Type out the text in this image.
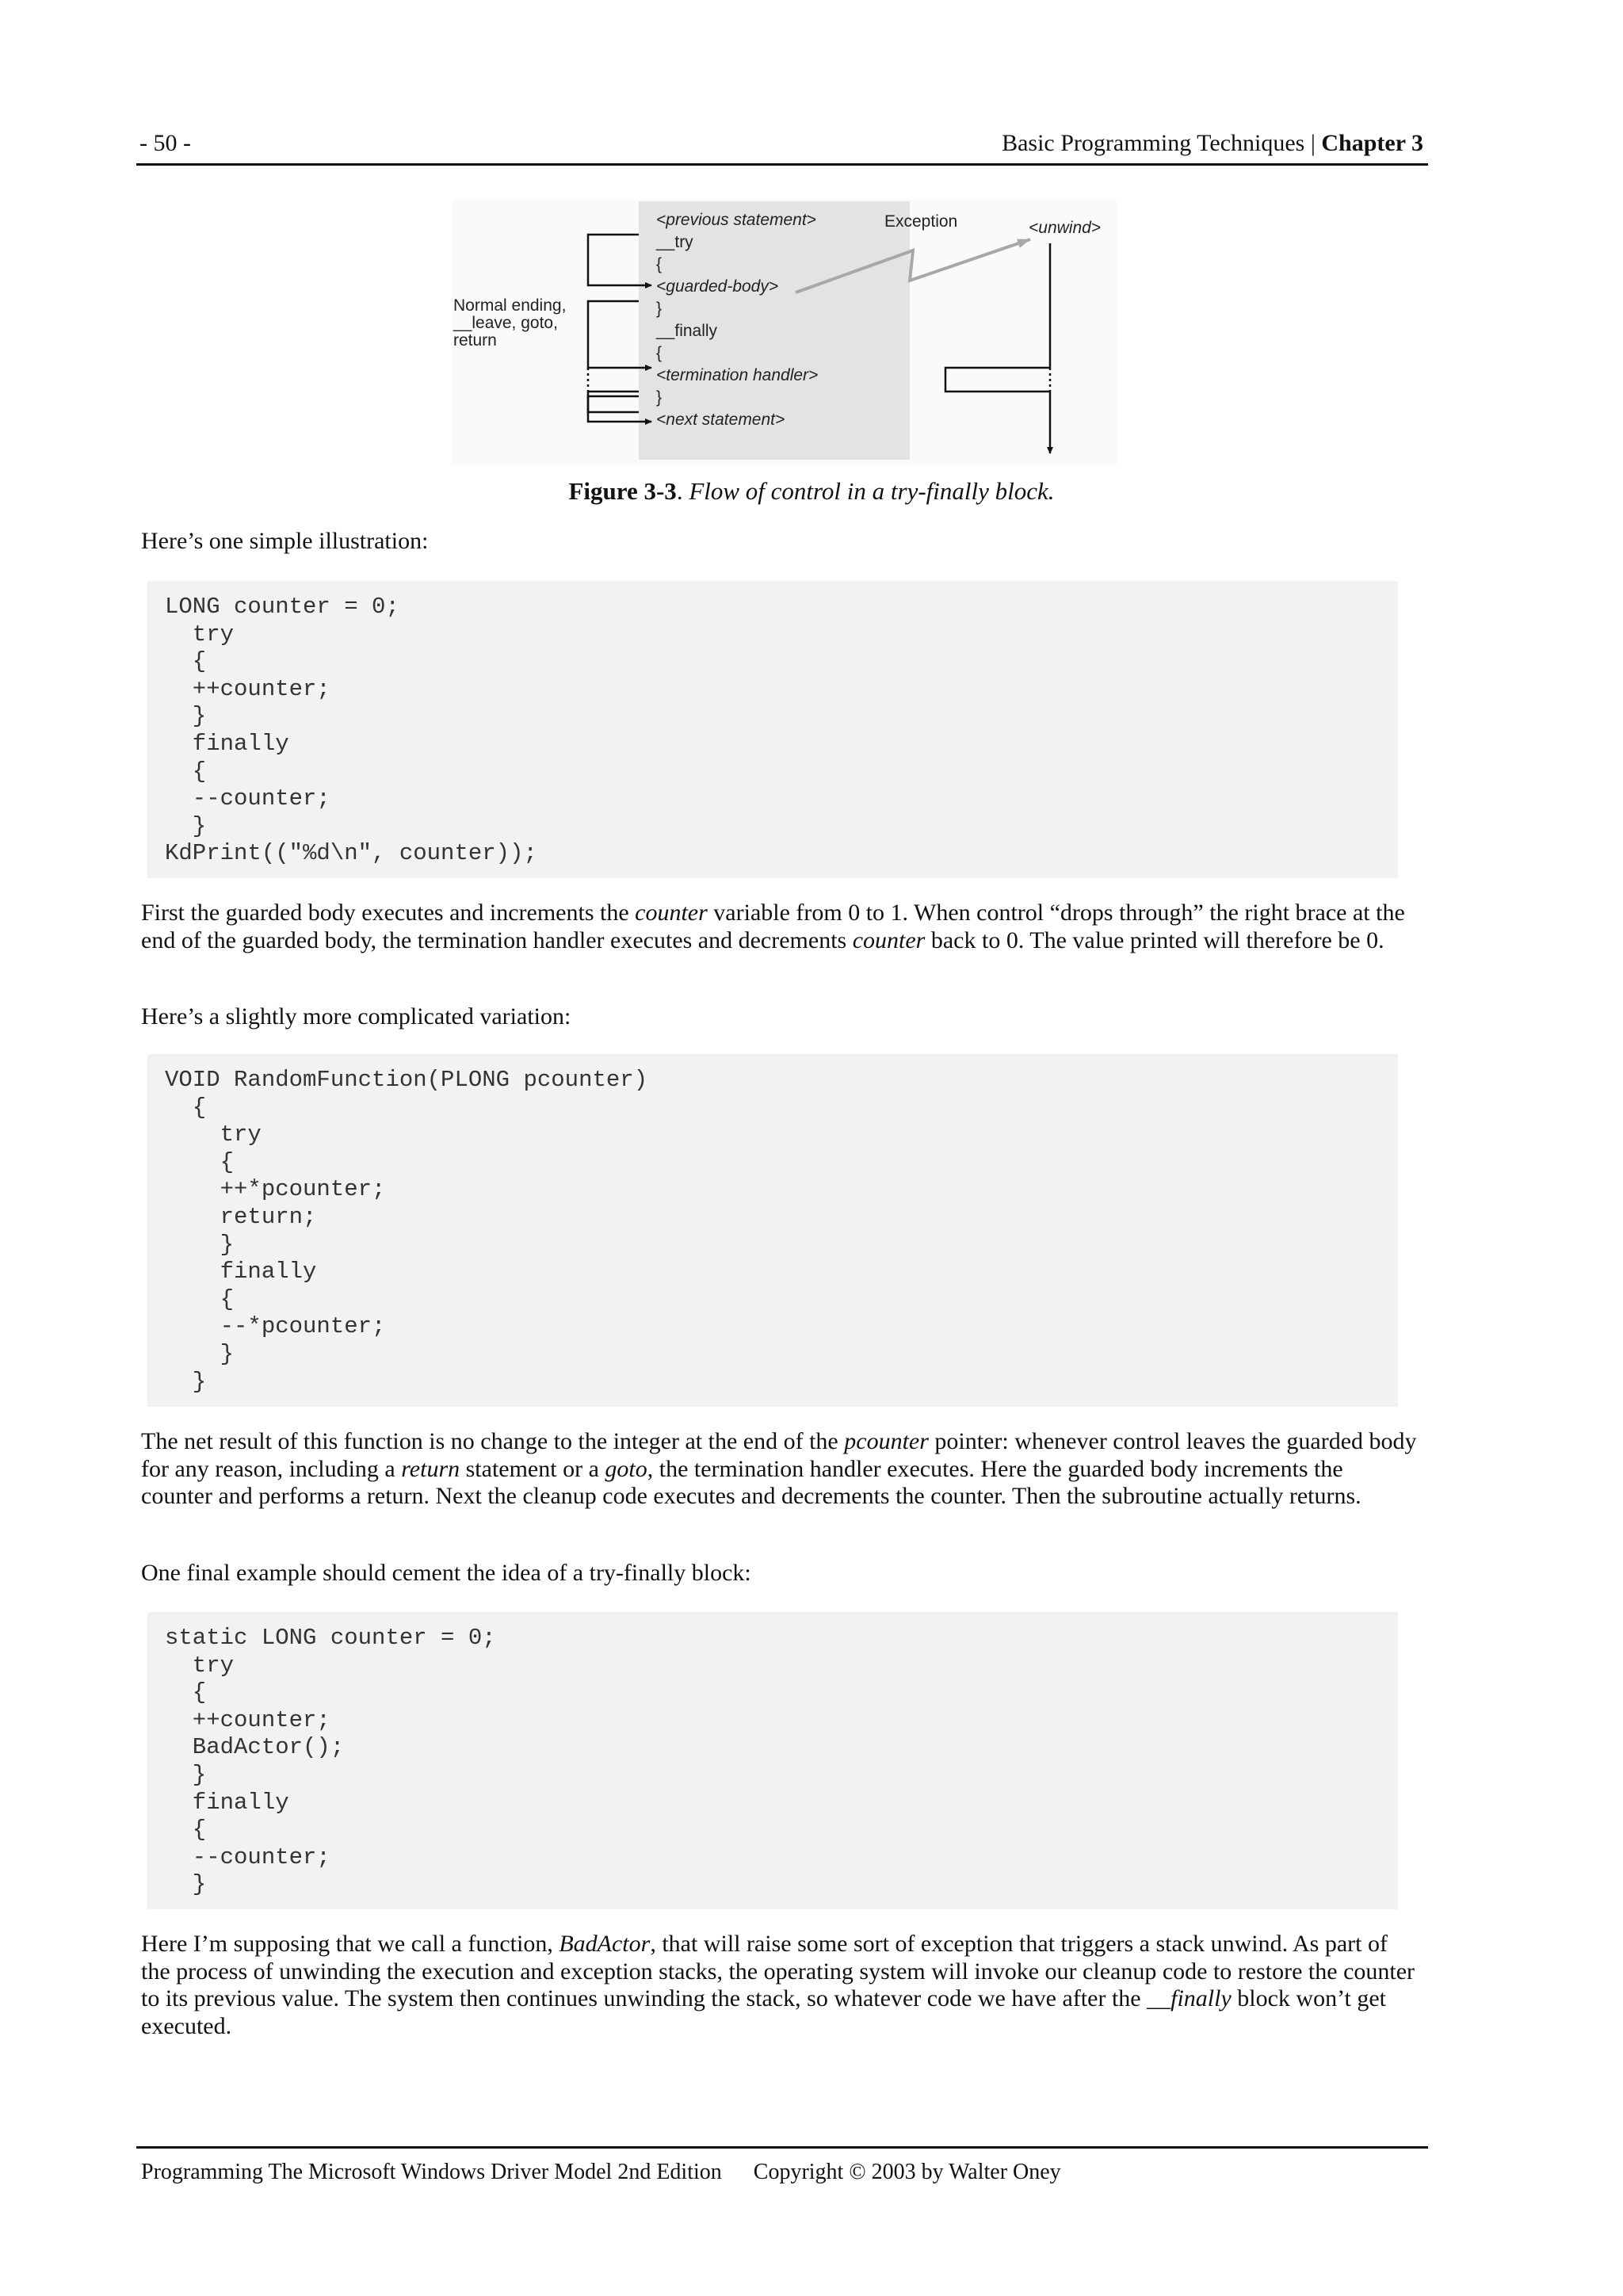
- 50 -	Basic Programming Techniques | Chapter 3
<previous statement>
__try
{
<guarded-body>
}
__finally
{
<termination handler>
}
<next statement>
Exception	<unwind>
Normal ending,
__leave, goto,
return
Figure 3-3. Flow of control in a try-finally block.
Here’s one simple illustration:
LONG counter = 0;
try
{
++counter;
}
finally
{
--counter;
}
KdPrint(("%d\n", counter));
First the guarded body executes and increments the counter variable from 0 to 1. When control “drops through” the right brace at the end of the guarded body, the termination handler executes and decrements counter back to 0. The value printed will therefore be 0.
Here’s a slightly more complicated variation:
VOID RandomFunction(PLONG pcounter)
{
try
{
++*pcounter;
return;
}
finally
{
--*pcounter;
}
}
The net result of this function is no change to the integer at the end of the pcounter pointer: whenever control leaves the guarded body for any reason, including a return statement or a goto, the termination handler executes. Here the guarded body increments the counter and performs a return. Next the cleanup code executes and decrements the counter. Then the subroutine actually returns.
One final example should cement the idea of a try-finally block:
static LONG counter = 0;
try
{
++counter;
BadActor();
}
finally
{
--counter;
}
Here I’m supposing that we call a function, BadActor, that will raise some sort of exception that triggers a stack unwind. As part of the process of unwinding the execution and exception stacks, the operating system will invoke our cleanup code to restore the counter to its previous value. The system then continues unwinding the stack, so whatever code we have after the __finally block won’t get executed.
Programming The Microsoft Windows Driver Model 2nd Edition Copyright © 2003 by Walter Oney
